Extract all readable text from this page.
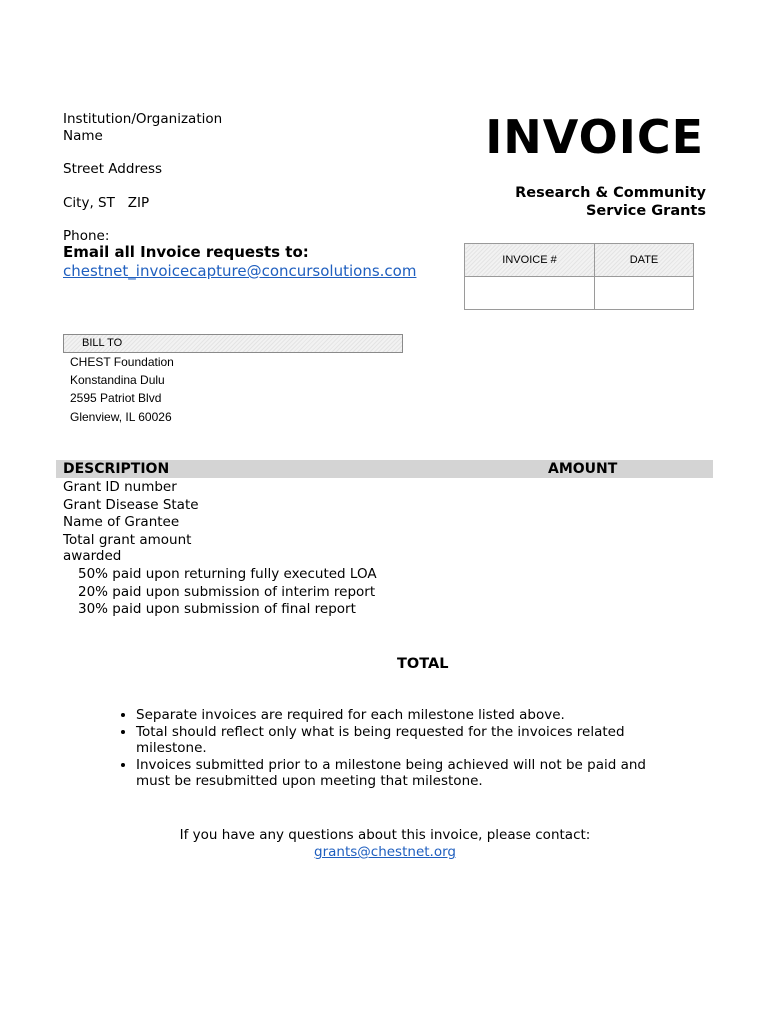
Institution/Organization
Name
Street Address
City, ST   ZIP
Phone:
Email all Invoice requests to:
chestnet_invoicecapture@concursolutions.com
INVOICE
Research & Community
Service Grants
INVOICE #	DATE

BILL TO
CHEST Foundation
Konstandina Dulu
2595 Patriot Blvd
Glenview, IL 60026
DESCRIPTION	AMOUNT
Grant ID number
Grant Disease State
Name of Grantee
Total grant amount
awarded
50% paid upon returning fully executed LOA
20% paid upon submission of interim report
30% paid upon submission of final report
TOTAL
• Separate invoices are required for each milestone listed above.
• Total should reflect only what is being requested for the invoices related milestone.
• Invoices submitted prior to a milestone being achieved will not be paid and must be resubmitted upon meeting that milestone.
If you have any questions about this invoice, please contact:
grants@chestnet.org
